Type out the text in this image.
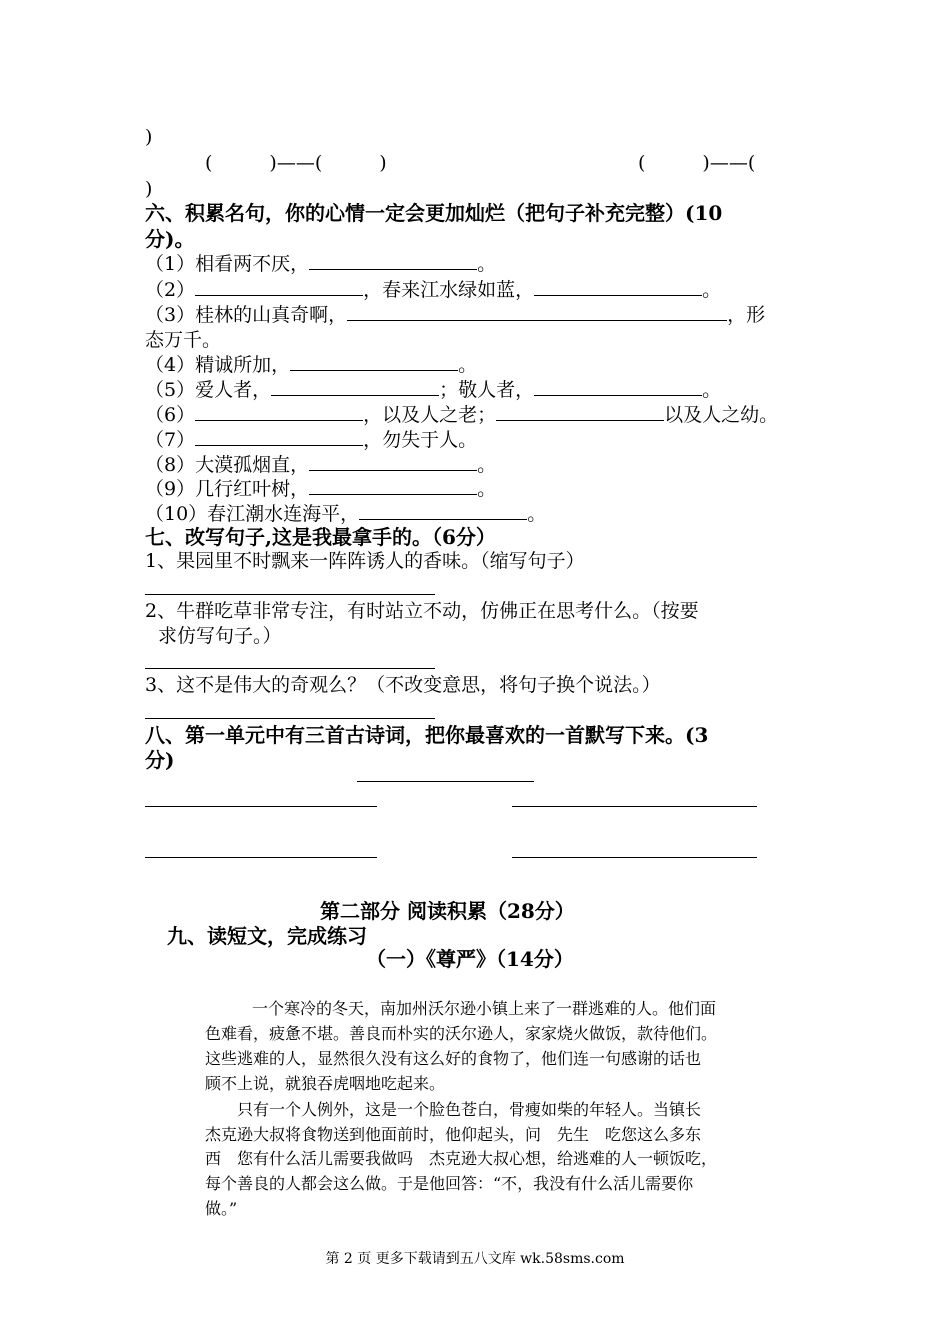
)
(　　　)——(　　　)	(　　　)——(
)
六、积累名句，你的心情一定会更加灿烂（把句子补充完整）(10
分)。
（1）相看两不厌，	。
（2）	，春来江水绿如蓝，	。
（3）桂林的山真奇啊，	，形
态万千。
（4）精诚所加，	。
（5）爱人者，	；敬人者，	。
（6）	，以及人之老；	以及人之幼。
（7）	，勿失于人。
（8）大漠孤烟直，	。
（9）几行红叶树，	。
（10）春江潮水连海平，	。
七、改写句子,这是我最拿手的。（6分）
1、果园里不时飘来一阵阵诱人的香味。（缩写句子）
2、牛群吃草非常专注，有时站立不动，仿佛正在思考什么。（按要
求仿写句子。）
3、这不是伟大的奇观么？（不改变意思，将句子换个说法。）
八、第一单元中有三首古诗词，把你最喜欢的一首默写下来。(3
分)
第二部分 阅读积累（28分）
九、读短文，完成练习
（一）《尊严》（14分）
一个寒冷的冬天，南加州沃尔逊小镇上来了一群逃难的人。他们面
色难看，疲惫不堪。善良而朴实的沃尔逊人，家家烧火做饭，款待他们。
这些逃难的人，显然很久没有这么好的食物了，他们连一句感谢的话也
顾不上说，就狼吞虎咽地吃起来。
只有一个人例外，这是一个脸色苍白，骨瘦如柴的年轻人。当镇长
杰克逊大叔将食物送到他面前时，他仰起头，问　先生　吃您这么多东
西　您有什么活儿需要我做吗　杰克逊大叔心想，给逃难的人一顿饭吃，
每个善良的人都会这么做。于是他回答：“不，我没有什么活儿需要你
做。”
第 2 页 更多下载请到五八文库 wk.58sms.com
